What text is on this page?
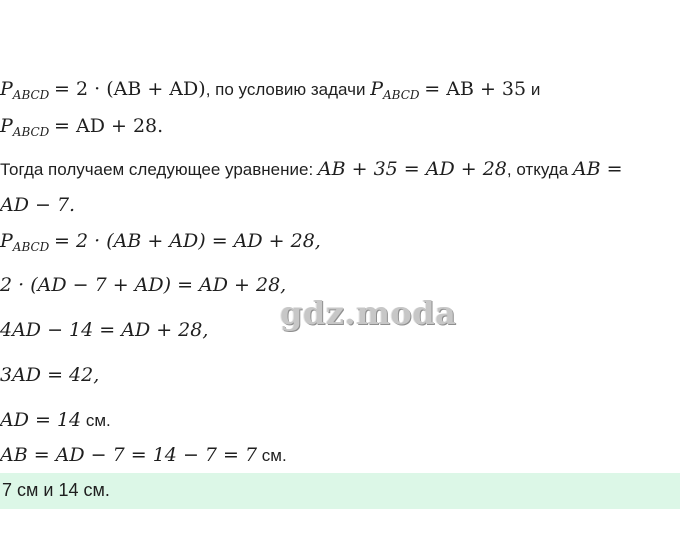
$P_{ABCD} = 2 \cdot (AB + AD)$, по условию задачи $P_{ABCD}$ = AB + 35 и
$P_{ABCD}$ = AD + 28.
Тогда получаем следующее уравнение: AB + 35 = AD + 28, откуда AB =
AD − 7.
$P_{ABCD} = 2 \cdot (AB + AD)$ = AD + 28,
2 · (AD − 7 + AD) = AD + 28,
4AD − 14 = AD + 28,
3AD = 42,
AD = 14 см.
AB = AD − 7 = 14 − 7 = 7 см.
7 см и 14 см.
gdz.moda
